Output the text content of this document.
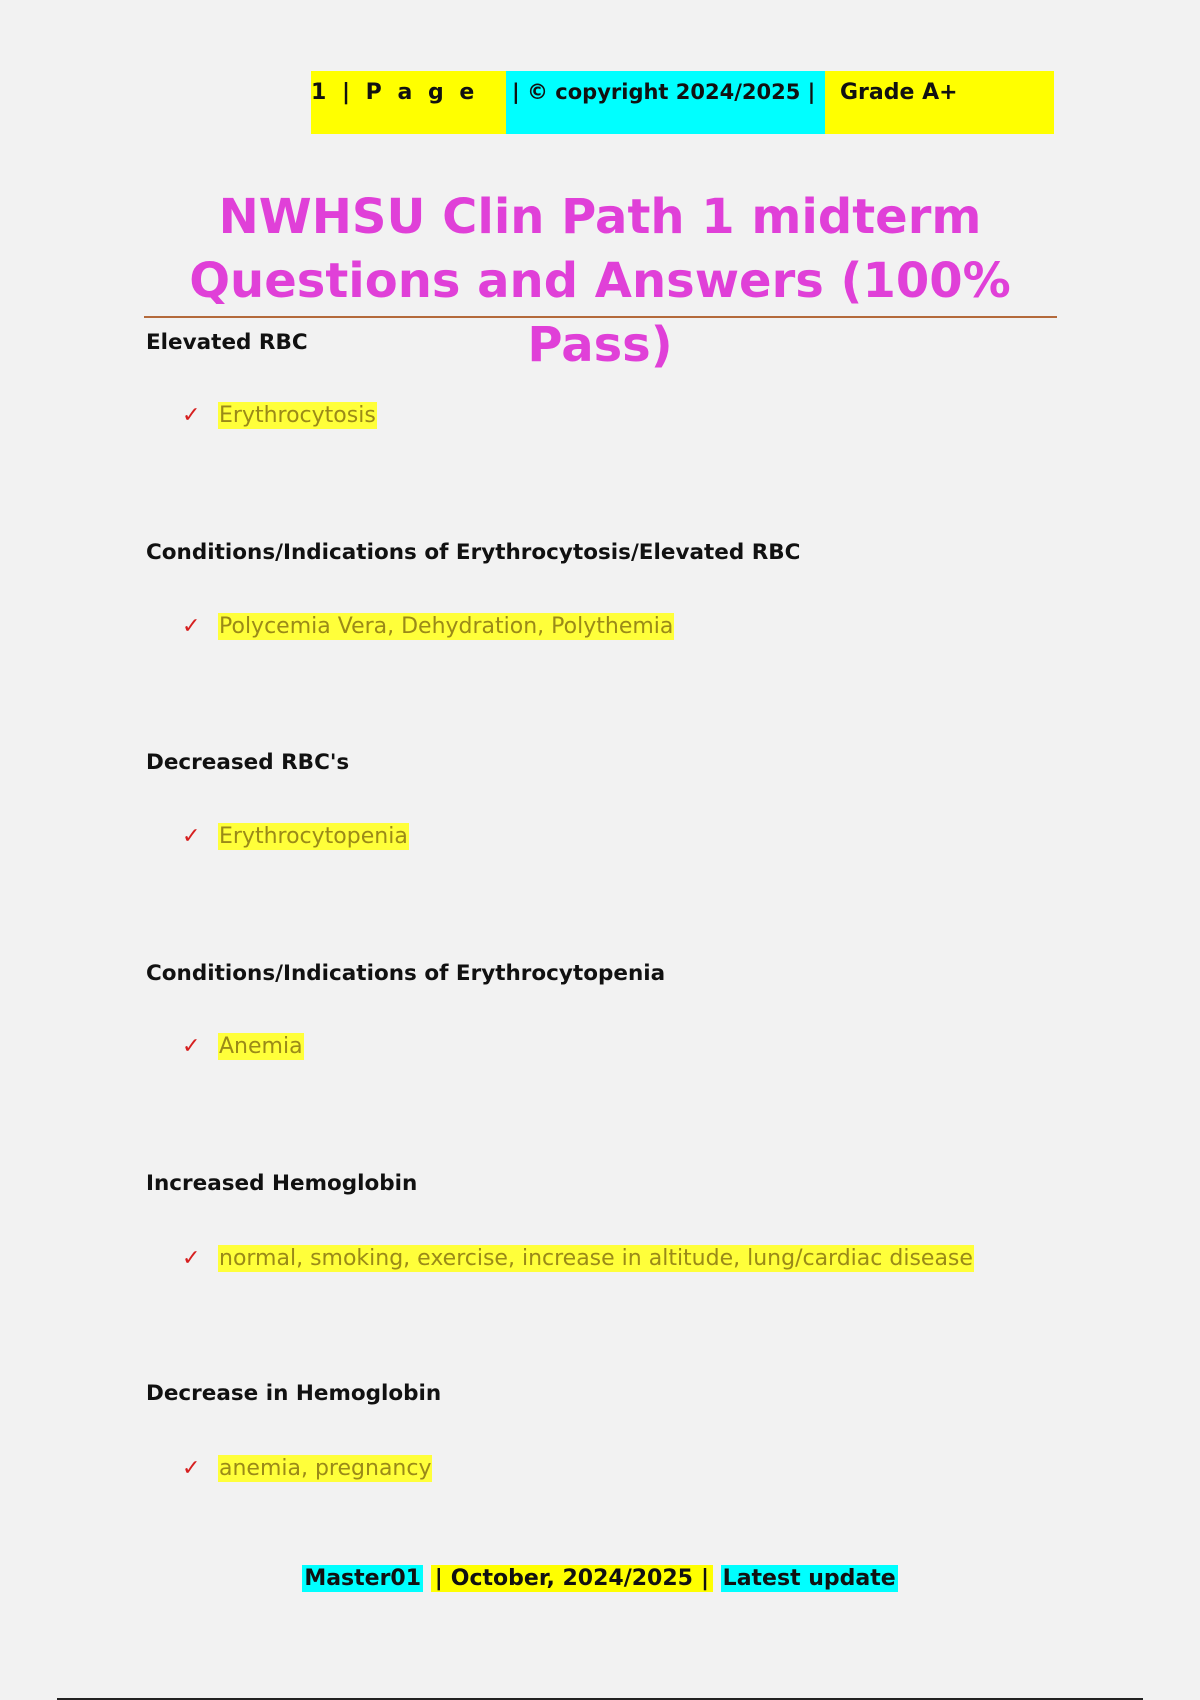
1 | P a g e	| © copyright 2024/2025 |	Grade A+
NWHSU Clin Path 1 midterm
Questions and Answers (100% Pass)
Elevated RBC
✓ Erythrocytosis
Conditions/Indications of Erythrocytosis/Elevated RBC
✓ Polycemia Vera, Dehydration, Polythemia
Decreased RBC's
✓ Erythrocytopenia
Conditions/Indications of Erythrocytopenia
✓ Anemia
Increased Hemoglobin
✓ normal, smoking, exercise, increase in altitude, lung/cardiac disease
Decrease in Hemoglobin
✓ anemia, pregnancy
Master01 | October, 2024/2025 | Latest update
